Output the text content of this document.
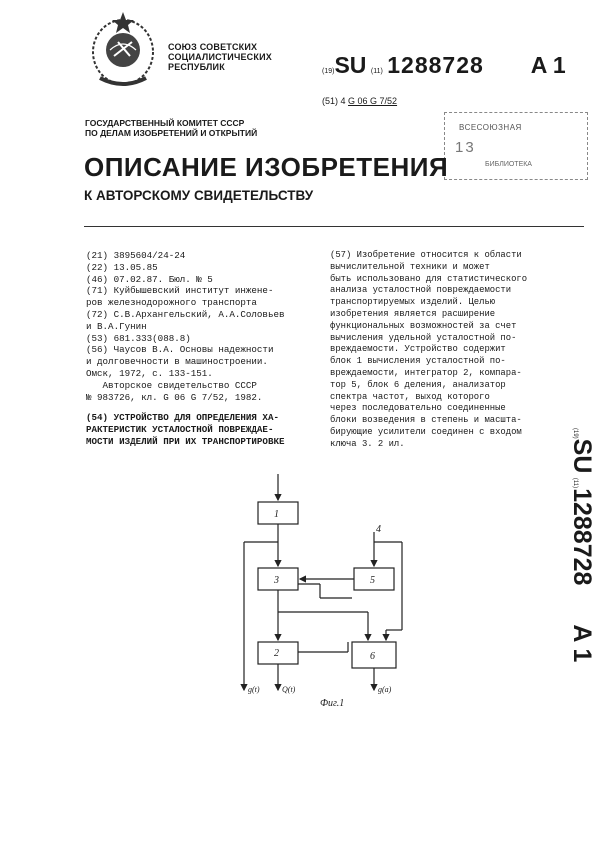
СОЮЗ СОВЕТСКИХ
СОЦИАЛИСТИЧЕСКИХ
РЕСПУБЛИК	(19)SU (11) 1288728 A 1
(51) 4 G 06 G 7/52
ГОСУДАРСТВЕННЫЙ КОМИТЕТ СССР
ПО ДЕЛАМ ИЗОБРЕТЕНИЙ И ОТКРЫТИЙ
ВСЕСОЮЗНАЯ
13
БИБЛИОТЕКА
ОПИСАНИЕ ИЗОБРЕТЕНИЯ
К АВТОРСКОМУ СВИДЕТЕЛЬСТВУ

(21) 3895604/24-24

(22) 13.05.85

(46) 07.02.87. Бюл. № 5

(71) Куйбышевский институт инжене-

ров железнодорожного транспорта

(72) С.В.Архангельский, А.А.Соловьев

и В.А.Гунин

(53) 681.333(088.8)

(56) Чаусов В.А. Основы надежности

и долговечности в машиностроении.

Омск, 1972, с. 133-151.

Авторское свидетельство СССР

№ 983726, кл. G 06 G 7/52, 1982.

(54) УСТРОЙСТВО ДЛЯ ОПРЕДЕЛЕНИЯ ХА-
РАКТЕРИСТИК УСТАЛОСТНОЙ ПОВРЕЖДАЕ-
МОСТИ ИЗДЕЛИЙ ПРИ ИХ ТРАНСПОРТИРОВКЕ
(57) Изобретение относится к области
вычислительной техники и может
быть использовано для статистического
анализа усталостной повреждаемости
транспортируемых изделий. Целью
изобретения является расширение
функциональных возможностей за счет
вычисления удельной усталостной по-
вреждаемости. Устройство содержит
блок 1 вычисления усталостной по-
вреждаемости, интегратор 2, компара-
тор 5, блок 6 деления, анализатор
спектра частот, выход которого
через последовательно соединенные
блоки возведения в степень и масшта-
бирующие усилители соединен с входом
ключа 3. 2 ил.
(19)SU (11)1288728  A 1
1
2
3	5
6
4
g(t)	Q(t)	g(a)
Фиг.1
